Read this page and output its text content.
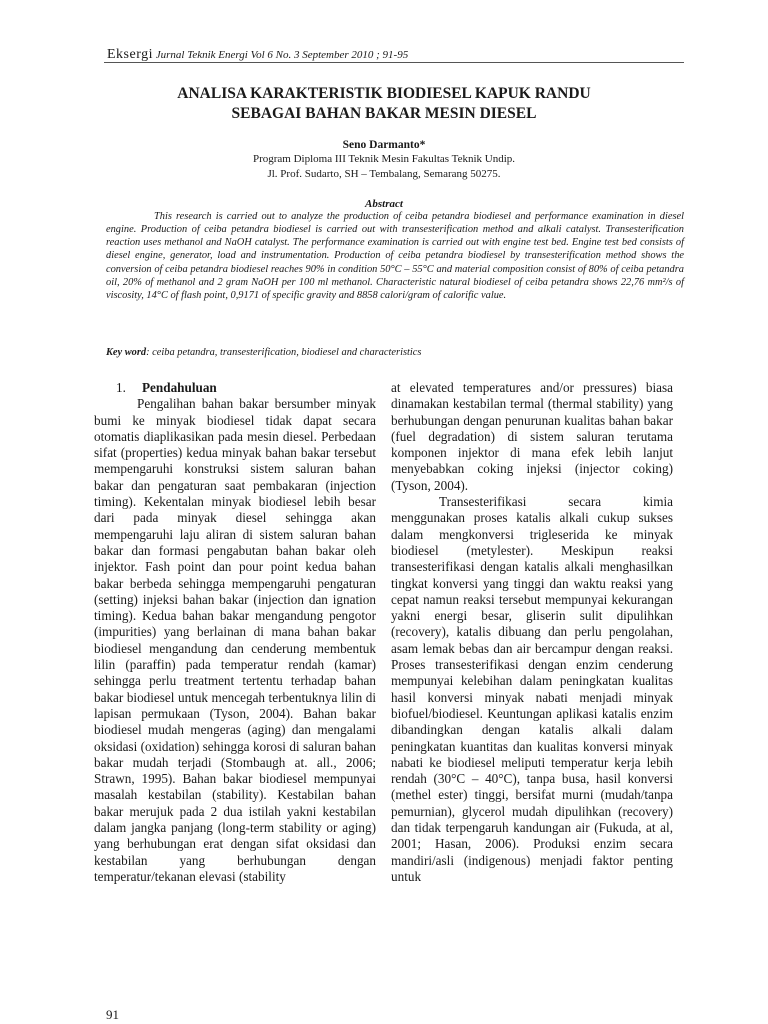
Eksergi Jurnal Teknik Energi Vol 6 No. 3 September 2010 ; 91-95
ANALISA KARAKTERISTIK BIODIESEL KAPUK RANDU
SEBAGAI BAHAN BAKAR MESIN DIESEL
Seno Darmanto*
Program Diploma III Teknik Mesin Fakultas Teknik Undip.
Jl. Prof. Sudarto, SH – Tembalang, Semarang 50275.
Abstract

This research is carried out to analyze the production of ceiba petandra biodiesel and performance examination in diesel engine. Production of ceiba petandra biodiesel is carried out with transesterification method and alkali catalyst. Transesterification reaction uses methanol and NaOH catalyst. The performance examination is carried out with engine test bed. Engine test bed consists of diesel engine, generator, load and instrumentation. Production of ceiba petandra biodiesel by transesterification method shows the conversion of ceiba petandra biodiesel reaches 90% in condition 50°C – 55°C and material composition consist of 80% of ceiba petandra oil, 20% of methanol and 2 gram NaOH per 100 ml methanol. Characteristic natural biodiesel of ceiba petandra shows 22,76 mm²/s of viscosity, 14°C of flash point, 0,9171 of specific gravity and 8858 calori/gram of calorific value.

Key word: ceiba petandra, transesterification, biodiesel and characteristics
1. Pendahuluan

Pengalihan bahan bakar bersumber minyak bumi ke minyak biodiesel tidak dapat secara otomatis diaplikasikan pada mesin diesel. Perbedaan sifat (properties) kedua minyak bahan bakar tersebut mempengaruhi konstruksi sistem saluran bahan bakar dan pengaturan saat pembakaran (injection timing). Kekentalan minyak biodiesel lebih besar dari pada minyak diesel sehingga akan mempengaruhi laju aliran di sistem saluran bahan bakar dan formasi pengabutan bahan bakar oleh injektor. Fash point dan pour point kedua bahan bakar berbeda sehingga mempengaruhi pengaturan (setting) injeksi bahan bakar (injection dan ignation timing). Kedua bahan bakar mengandung pengotor (impurities) yang berlainan di mana bahan bakar biodiesel mengandung dan cenderung membentuk lilin (paraffin) pada temperatur rendah (kamar) sehingga perlu treatment tertentu terhadap bahan bakar biodiesel untuk mencegah terbentuknya lilin di lapisan permukaan (Tyson, 2004). Bahan bakar biodiesel mudah mengeras (aging) dan mengalami oksidasi (oxidation) sehingga korosi di saluran bahan bakar mudah terjadi (Stombaugh at. all., 2006; Strawn, 1995). Bahan bakar biodiesel mempunyai masalah kestabilan (stability). Kestabilan bahan bakar merujuk pada 2 dua istilah yakni kestabilan dalam jangka panjang (long-term stability or aging) yang berhubungan erat dengan sifat oksidasi dan kestabilan yang berhubungan dengan temperatur/tekanan elevasi (stability

at elevated temperatures and/or pressures) biasa dinamakan kestabilan termal (thermal stability) yang berhubungan dengan penurunan kualitas bahan bakar (fuel degradation) di sistem saluran terutama komponen injektor di mana efek lebih lanjut menyebabkan coking injeksi (injector coking) (Tyson, 2004).

Transesterifikasi secara kimia menggunakan proses katalis alkali cukup sukses dalam mengkonversi trigleserida ke minyak biodiesel (metylester). Meskipun reaksi transesterifikasi dengan katalis alkali menghasilkan tingkat konversi yang tinggi dan waktu reaksi yang cepat namun reaksi tersebut mempunyai kekurangan yakni energi besar, gliserin sulit dipulihkan (recovery), katalis dibuang dan perlu pengolahan, asam lemak bebas dan air bercampur dengan reaksi. Proses transesterifikasi dengan enzim cenderung mempunyai kelebihan dalam peningkatan kualitas hasil konversi minyak nabati menjadi minyak biofuel/biodiesel. Keuntungan aplikasi katalis enzim dibandingkan dengan katalis alkali dalam peningkatan kuantitas dan kualitas konversi minyak nabati ke biodiesel meliputi temperatur kerja lebih rendah (30°C – 40°C), tanpa busa, hasil konversi (methel ester) tinggi, bersifat murni (mudah/tanpa pemurnian), glycerol mudah dipulihkan (recovery) dan tidak terpengaruh kandungan air (Fukuda, at al, 2001; Hasan, 2006). Produksi enzim secara mandiri/asli (indigenous) menjadi faktor penting untuk

91
